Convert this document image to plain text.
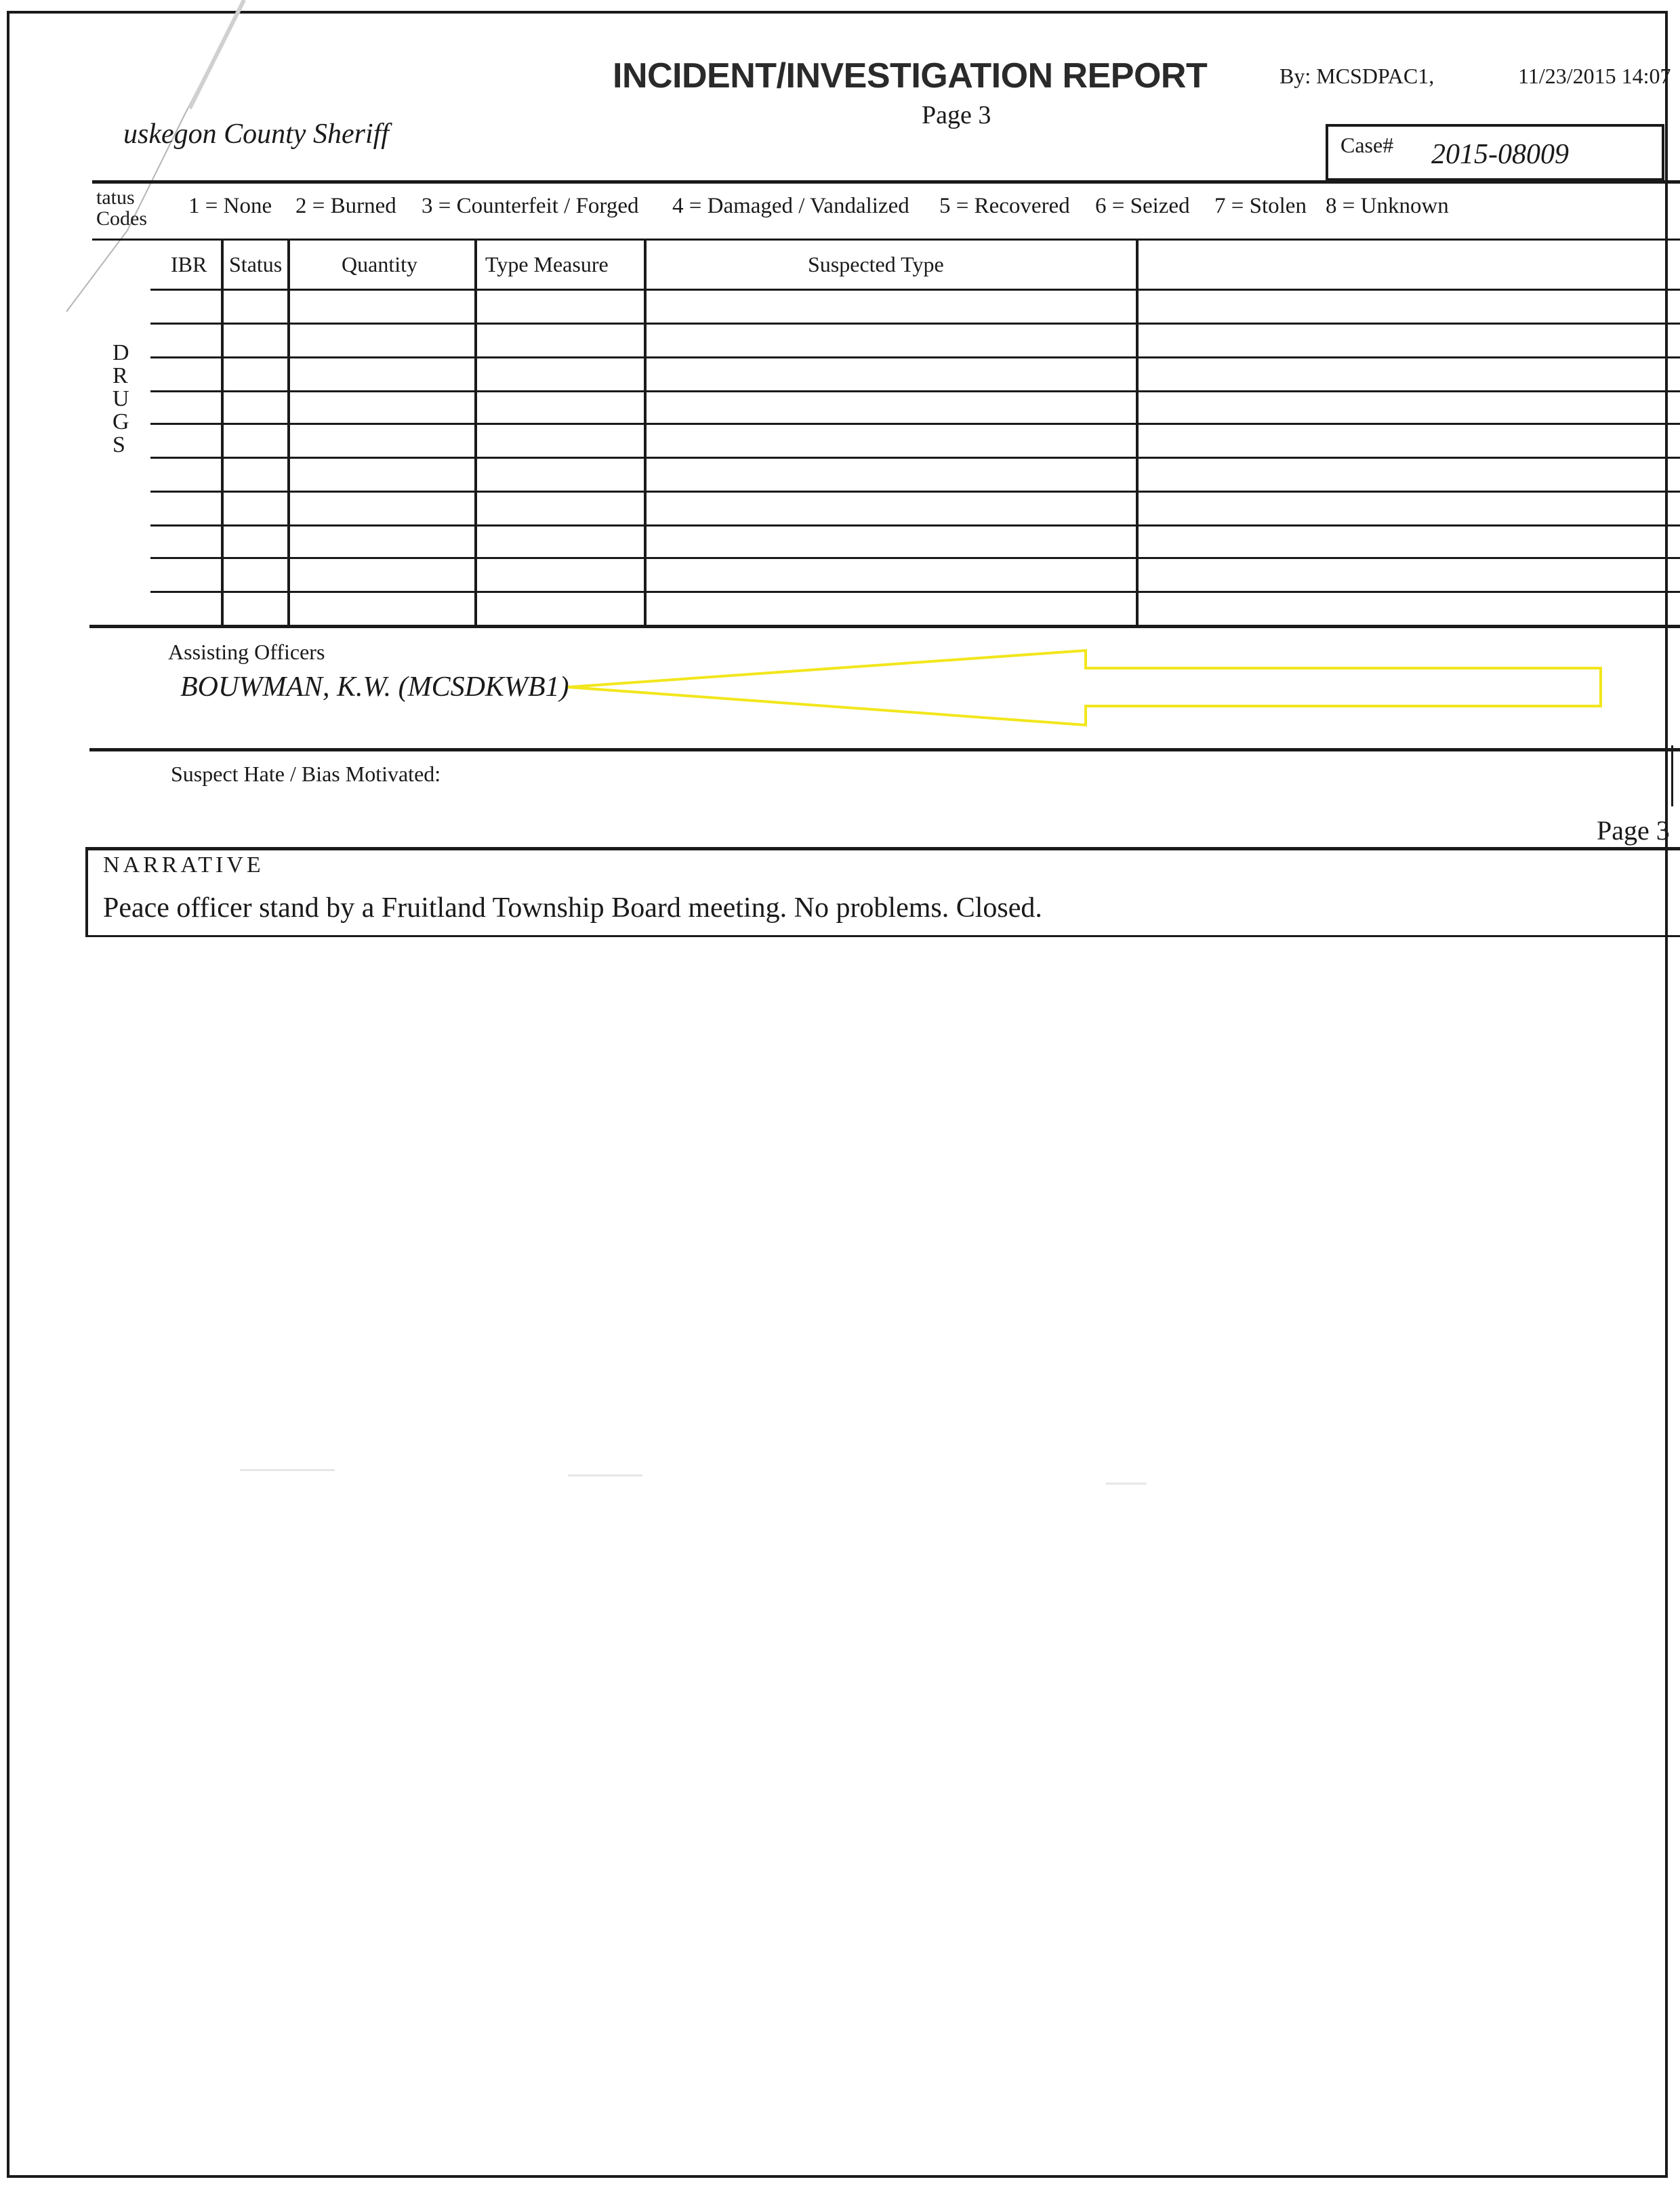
INCIDENT/INVESTIGATION REPORT
Page 3
By: MCSDPAC1,	11/23/2015 14:07
uskegon County Sheriff	Case# 2015-08009
tatus
Codes
1 = None 2 = Burned 3 = Counterfeit / Forged 4 = Damaged / Vandalized 5 = Recovered 6 = Seized 7 = Stolen 8 = Unknown
IBR Status	Quantity	Type Measure	Suspected Type
D
R
U
G
S
Assisting Officers
BOUWMAN, K.W. (MCSDKWB1)
Suspect Hate / Bias Motivated:
Page 3
NARRATIVE
Peace officer stand by a Fruitland Township Board meeting. No problems. Closed.
